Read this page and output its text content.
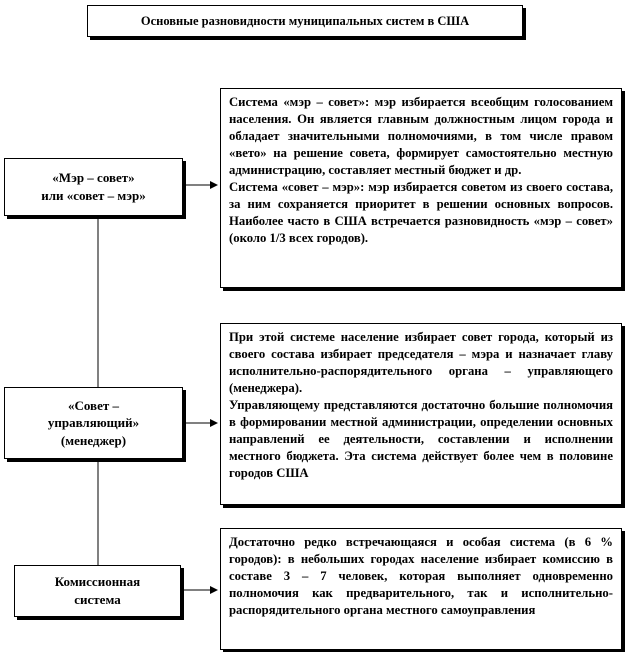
Основные разновидности муниципальных систем в США
«Мэр – совет»
или «совет – мэр»
«Совет –
управляющий»
(менеджер)
Комиссионная
система

Система «мэр – совет»: мэр избирается всеобщим голосованием населения. Он является главным должностным лицом города и обладает значительными полномочиями, в том числе правом «вето» на решение совета, формирует самостоятельно местную администрацию, составляет местный бюджет и др.

Система «совет – мэр»: мэр избирается советом из своего состава, за ним сохраняется приоритет в решении основных вопросов. Наиболее часто в США встречается разновидность «мэр – совет» (около 1/3 всех городов).

При этой системе население избирает совет города, который из своего состава избирает председателя – мэра и назначает главу исполнительно-распорядительного органа – управляющего (менеджера).

Управляющему представляются достаточно большие полномочия в формировании местной администрации, определении основных направлений ее деятельности, составлении и исполнении местного бюджета. Эта система действует более чем в половине городов США

Достаточно редко встречающаяся и особая система (в 6 % городов): в небольших городах население избирает комиссию в составе 3 – 7 человек, которая выполняет одновременно полномочия как предварительного, так и исполнительно-распорядительного органа местного самоуправления
